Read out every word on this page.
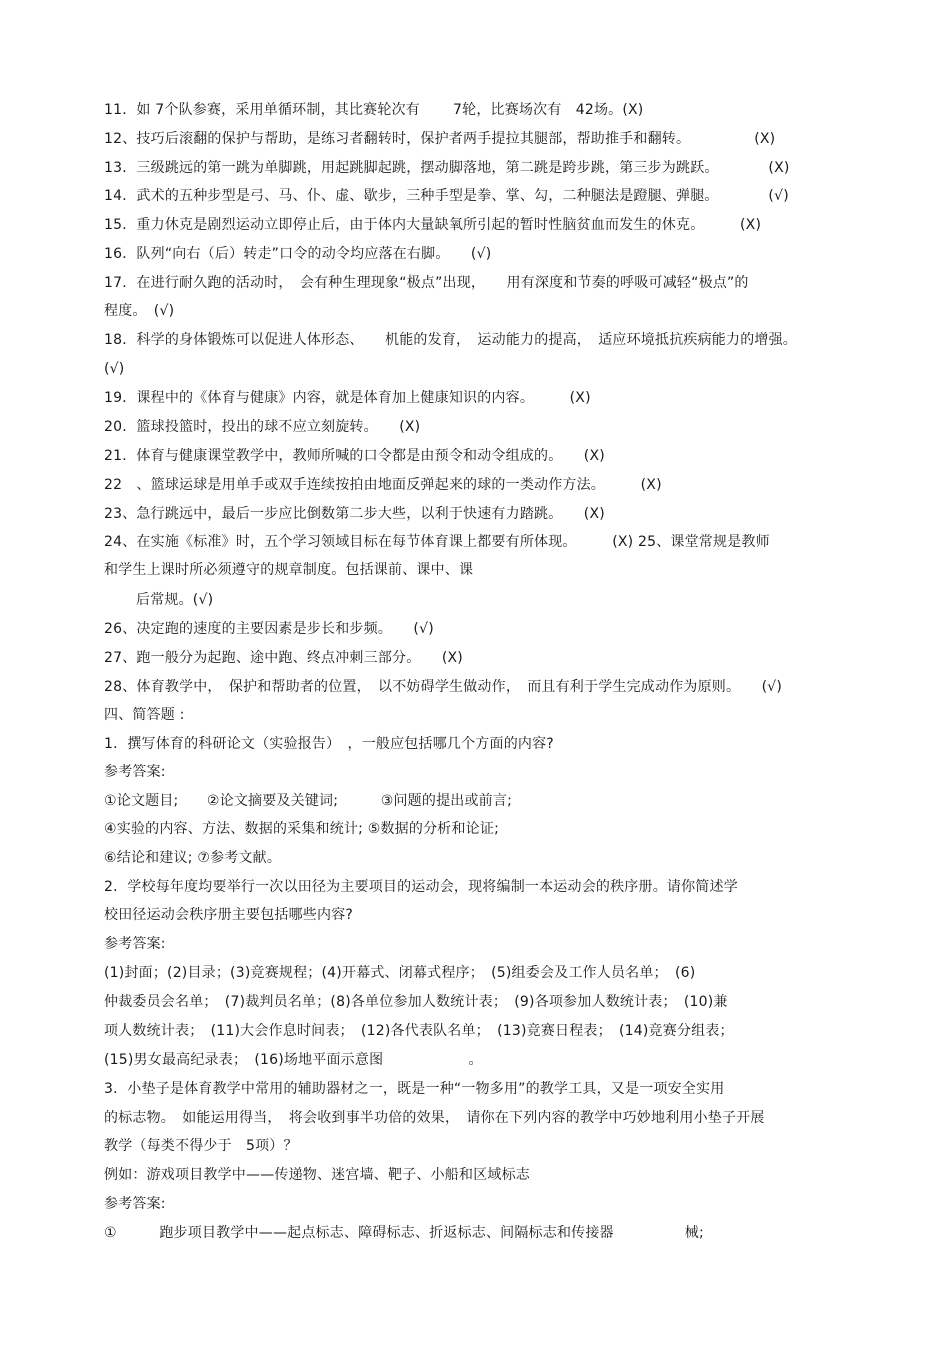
11．如 7个队参赛，采用单循环制，其比赛轮次有　　 7轮，比赛场次有　42场。(X)
12、技巧后滚翻的保护与帮助，是练习者翻转时，保护者两手提拉其腿部，帮助推手和翻转。　　　　　(X)
13．三级跳远的第一跳为单脚跳，用起跳脚起跳，摆动脚落地，第二跳是跨步跳，第三步为跳跃。　　　　(X)
14．武术的五种步型是弓、马、仆、虚、歇步，三种手型是拳、掌、勾，二种腿法是蹬腿、弹腿。　　　　(√)
15．重力休克是剧烈运动立即停止后，由于体内大量缺氧所引起的暂时性脑贫血而发生的休克。　　　(X)
16．队列“向右（后）转走”口令的动令均应落在右脚。　　(√)
17．在进行耐久跑的活动时，　会有种生理现象“极点”出现，　　用有深度和节奏的呼吸可减轻“极点”的
程度。　(√)
18．科学的身体锻炼可以促进人体形态、　　机能的发育，　运动能力的提高，　适应环境抵抗疾病能力的增强。
(√)
19．课程中的《体育与健康》内容，就是体育加上健康知识的内容。　　　(X)
20．篮球投篮时，投出的球不应立刻旋转。　　(X)
21．体育与健康课堂教学中，教师所喊的口令都是由预令和动令组成的。　　(X)
22　、篮球运球是用单手或双手连续按拍由地面反弹起来的球的一类动作方法。　　　(X)
23、急行跳远中，最后一步应比倒数第二步大些，以利于快速有力踏跳。　　(X)
24、在实施《标准》时，五个学习领域目标在每节体育课上都要有所体现。　　　(X) 25、课堂常规是教师
和学生上课时所必须遵守的规章制度。包括课前、课中、课
后常规。(√)
26、决定跑的速度的主要因素是步长和步频。　　(√)
27、跑一般分为起跑、途中跑、终点冲刺三部分。　　(X)
28、体育教学中，　保护和帮助者的位置，　以不妨碍学生做动作，　而且有利于学生完成动作为原则。　　(√)
四、简答题 :
1．撰写体育的科研论文（实验报告）　，一般应包括哪几个方面的内容?
参考答案:
①论文题目;　　②论文摘要及关键词;　　　③问题的提出或前言;
④实验的内容、方法、数据的采集和统计; ⑤数据的分析和论证;
⑥结论和建议; ⑦参考文献。
2．学校每年度均要举行一次以田径为主要项目的运动会，现将编制一本运动会的秩序册。请你简述学
校田径运动会秩序册主要包括哪些内容?
参考答案:
(1)封面；(2)目录；(3)竞赛规程；(4)开幕式、闭幕式程序；　(5)组委会及工作人员名单；　(6)
仲裁委员会名单；　(7)裁判员名单；(8)各单位参加人数统计表；　(9)各项参加人数统计表；　(10)兼
项人数统计表；　(11)大会作息时间表；　(12)各代表队名单；　(13)竞赛日程表；　(14)竞赛分组表；
(15)男女最高纪录表；　(16)场地平面示意图　　　　　　。
3．小垫子是体育教学中常用的辅助器材之一，既是一种“一物多用”的教学工具，又是一项安全实用
的标志物。　如能运用得当，　将会收到事半功倍的效果，　请你在下列内容的教学中巧妙地利用小垫子开展
教学（每类不得少于　5项）？
例如：游戏项目教学中——传递物、迷宫墙、靶子、小船和区域标志
参考答案:
①　　　跑步项目教学中——起点标志、障碍标志、折返标志、间隔标志和传接器　　　　　械;
